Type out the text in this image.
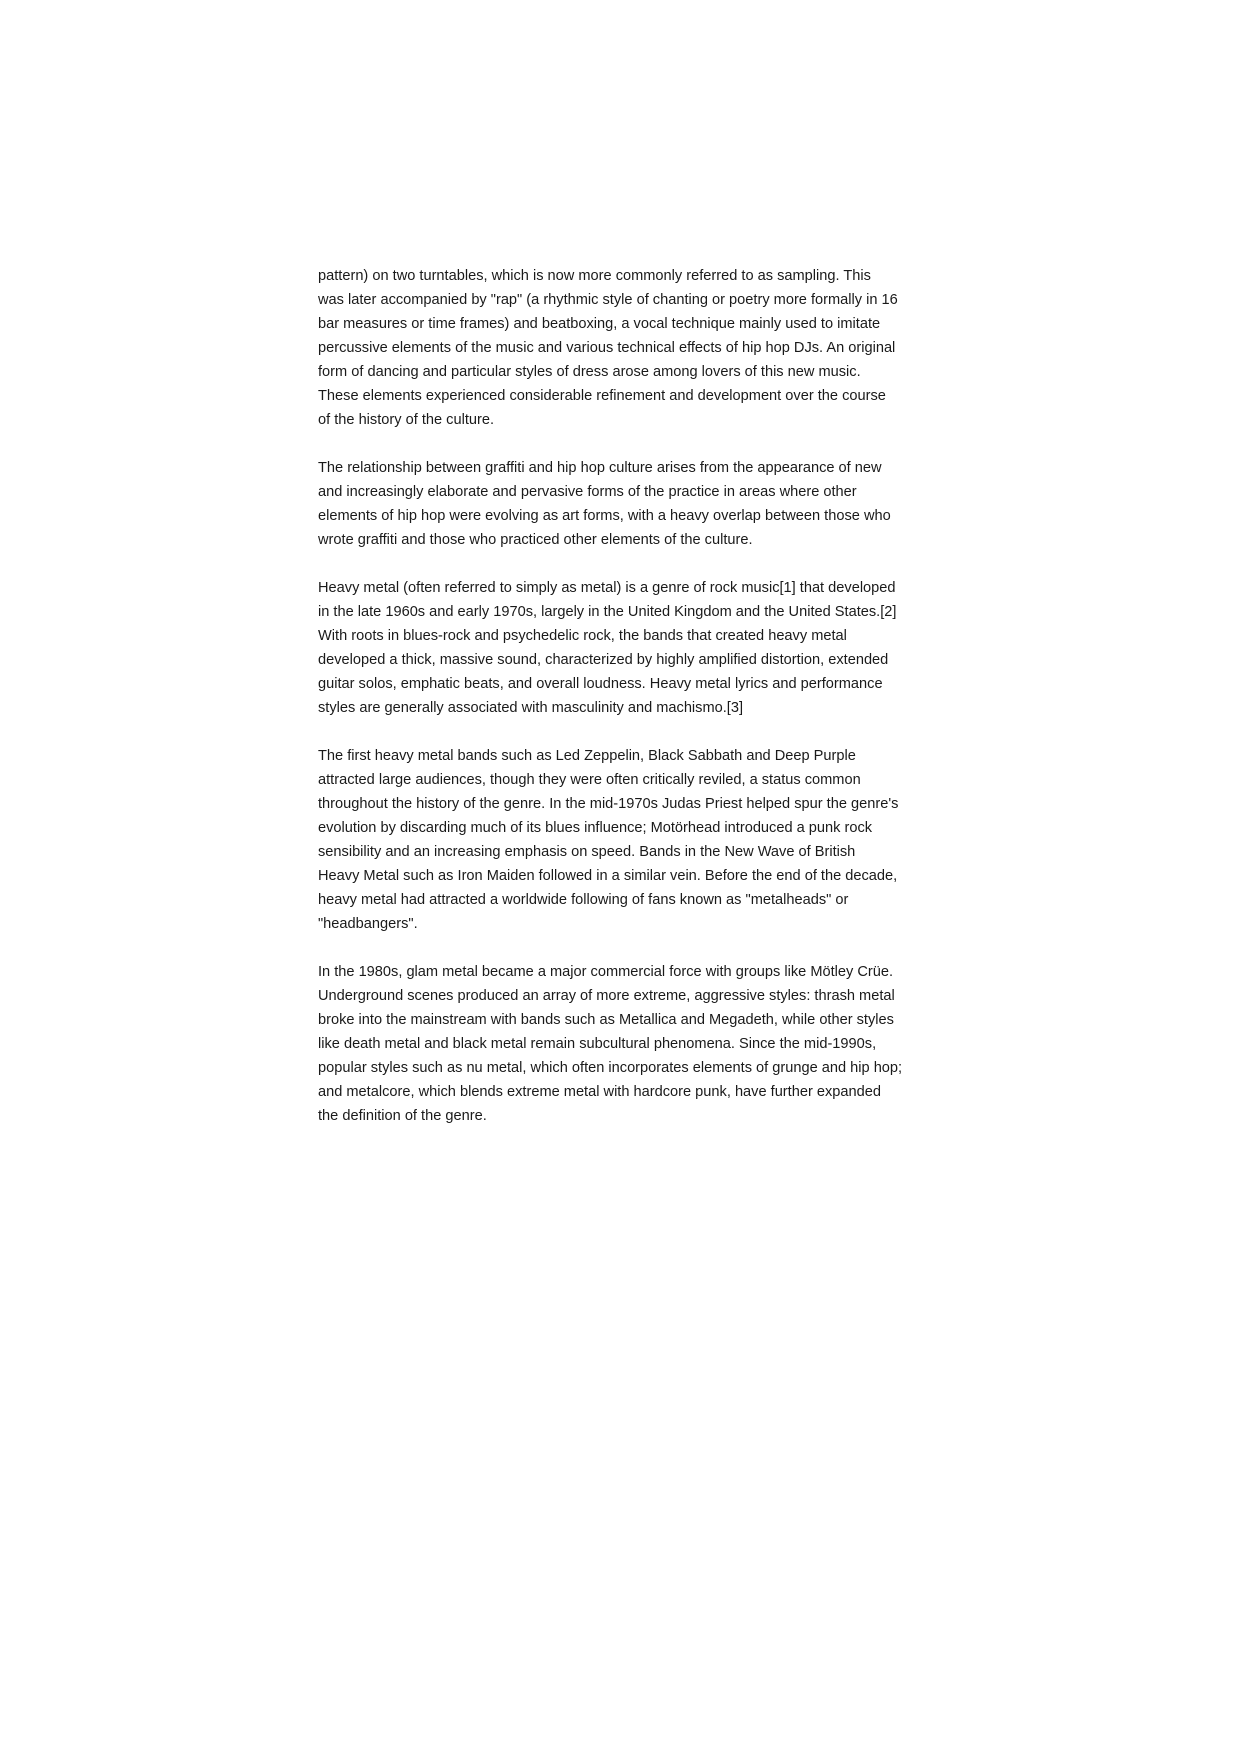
pattern) on two turntables, which is now more commonly referred to as sampling. This
was later accompanied by "rap" (a rhythmic style of chanting or poetry more formally in 16
bar measures or time frames) and beatboxing, a vocal technique mainly used to imitate
percussive elements of the music and various technical effects of hip hop DJs. An original
form of dancing and particular styles of dress arose among lovers of this new music.
These elements experienced considerable refinement and development over the course
of the history of the culture.

The relationship between graffiti and hip hop culture arises from the appearance of new
and increasingly elaborate and pervasive forms of the practice in areas where other
elements of hip hop were evolving as art forms, with a heavy overlap between those who
wrote graffiti and those who practiced other elements of the culture.

Heavy metal (often referred to simply as metal) is a genre of rock music[1] that developed
in the late 1960s and early 1970s, largely in the United Kingdom and the United States.[2]
With roots in blues-rock and psychedelic rock, the bands that created heavy metal
developed a thick, massive sound, characterized by highly amplified distortion, extended
guitar solos, emphatic beats, and overall loudness. Heavy metal lyrics and performance
styles are generally associated with masculinity and machismo.[3]

The first heavy metal bands such as Led Zeppelin, Black Sabbath and Deep Purple
attracted large audiences, though they were often critically reviled, a status common
throughout the history of the genre. In the mid-1970s Judas Priest helped spur the genre's
evolution by discarding much of its blues influence; Motörhead introduced a punk rock
sensibility and an increasing emphasis on speed. Bands in the New Wave of British
Heavy Metal such as Iron Maiden followed in a similar vein. Before the end of the decade,
heavy metal had attracted a worldwide following of fans known as "metalheads" or
"headbangers".

In the 1980s, glam metal became a major commercial force with groups like Mötley Crüe.
Underground scenes produced an array of more extreme, aggressive styles: thrash metal
broke into the mainstream with bands such as Metallica and Megadeth, while other styles
like death metal and black metal remain subcultural phenomena. Since the mid-1990s,
popular styles such as nu metal, which often incorporates elements of grunge and hip hop;
and metalcore, which blends extreme metal with hardcore punk, have further expanded
the definition of the genre.
